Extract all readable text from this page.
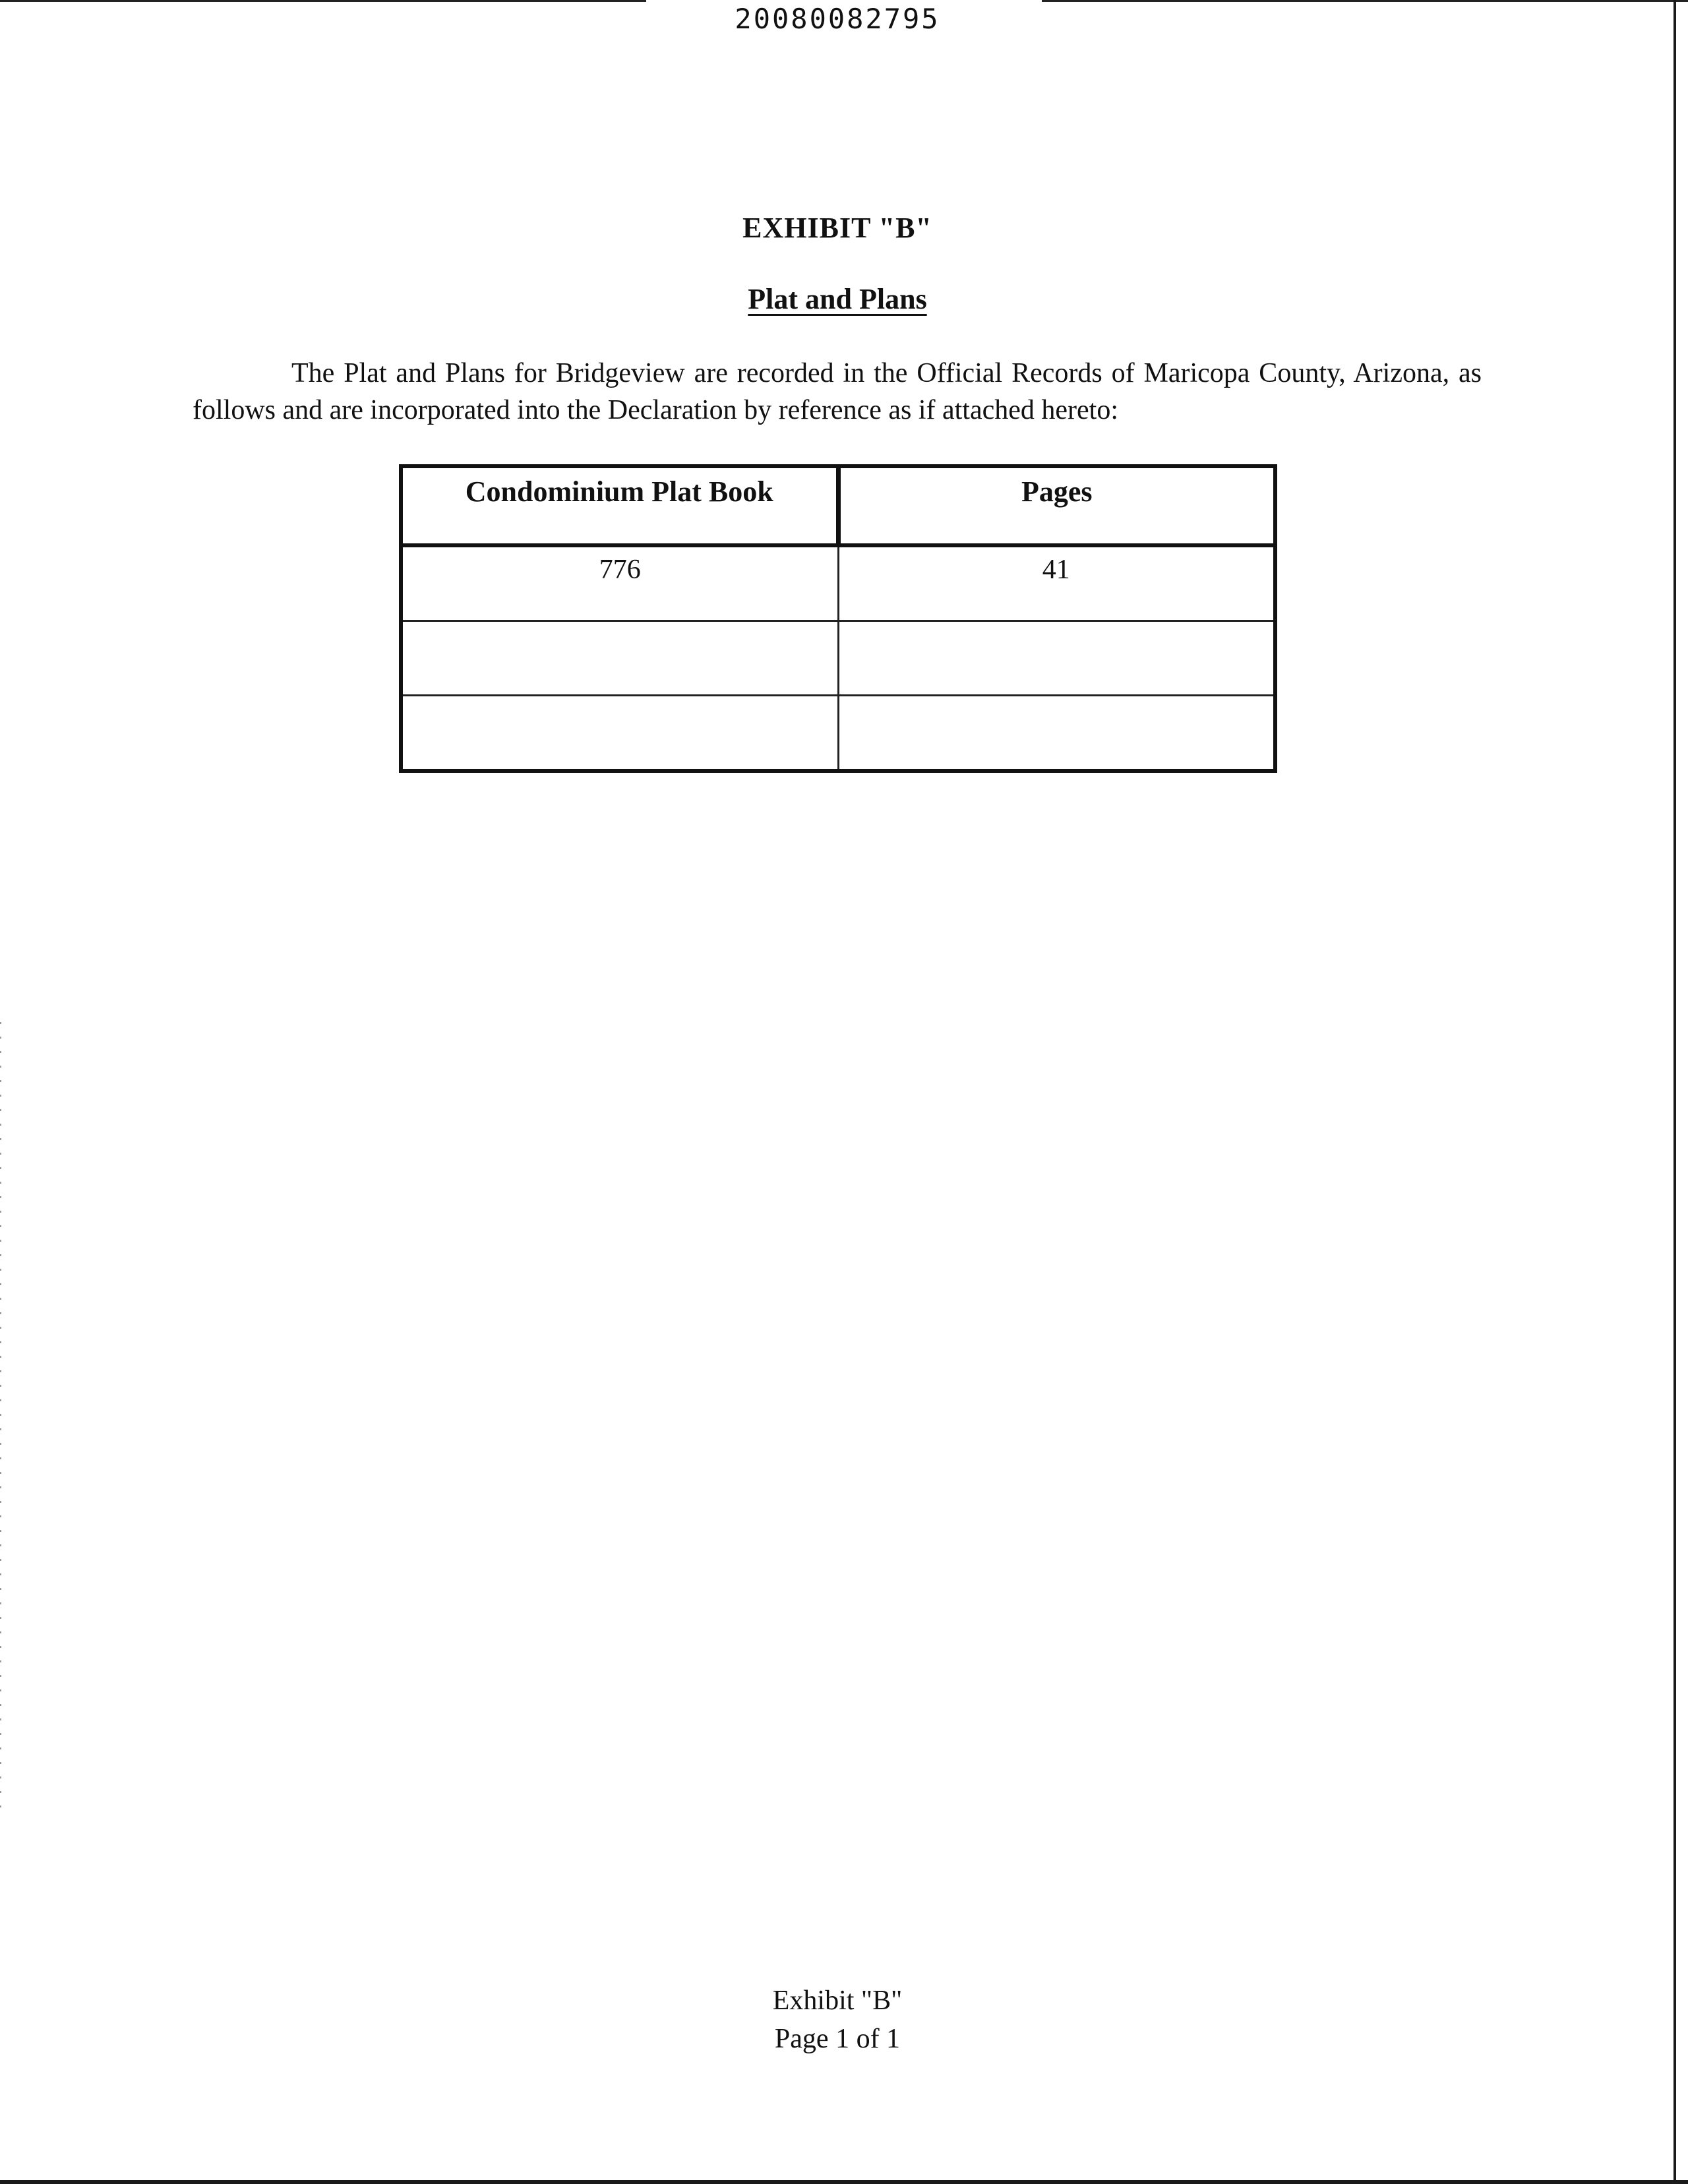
20080082795
EXHIBIT "B"
Plat and Plans

The Plat and Plans for Bridgeview are recorded in the Official Records of Maricopa County, Arizona, as follows and are incorporated into the Declaration by reference as if attached hereto:

Condominium Plat Book	Pages
776	41

Exhibit "B"
Page 1 of 1
